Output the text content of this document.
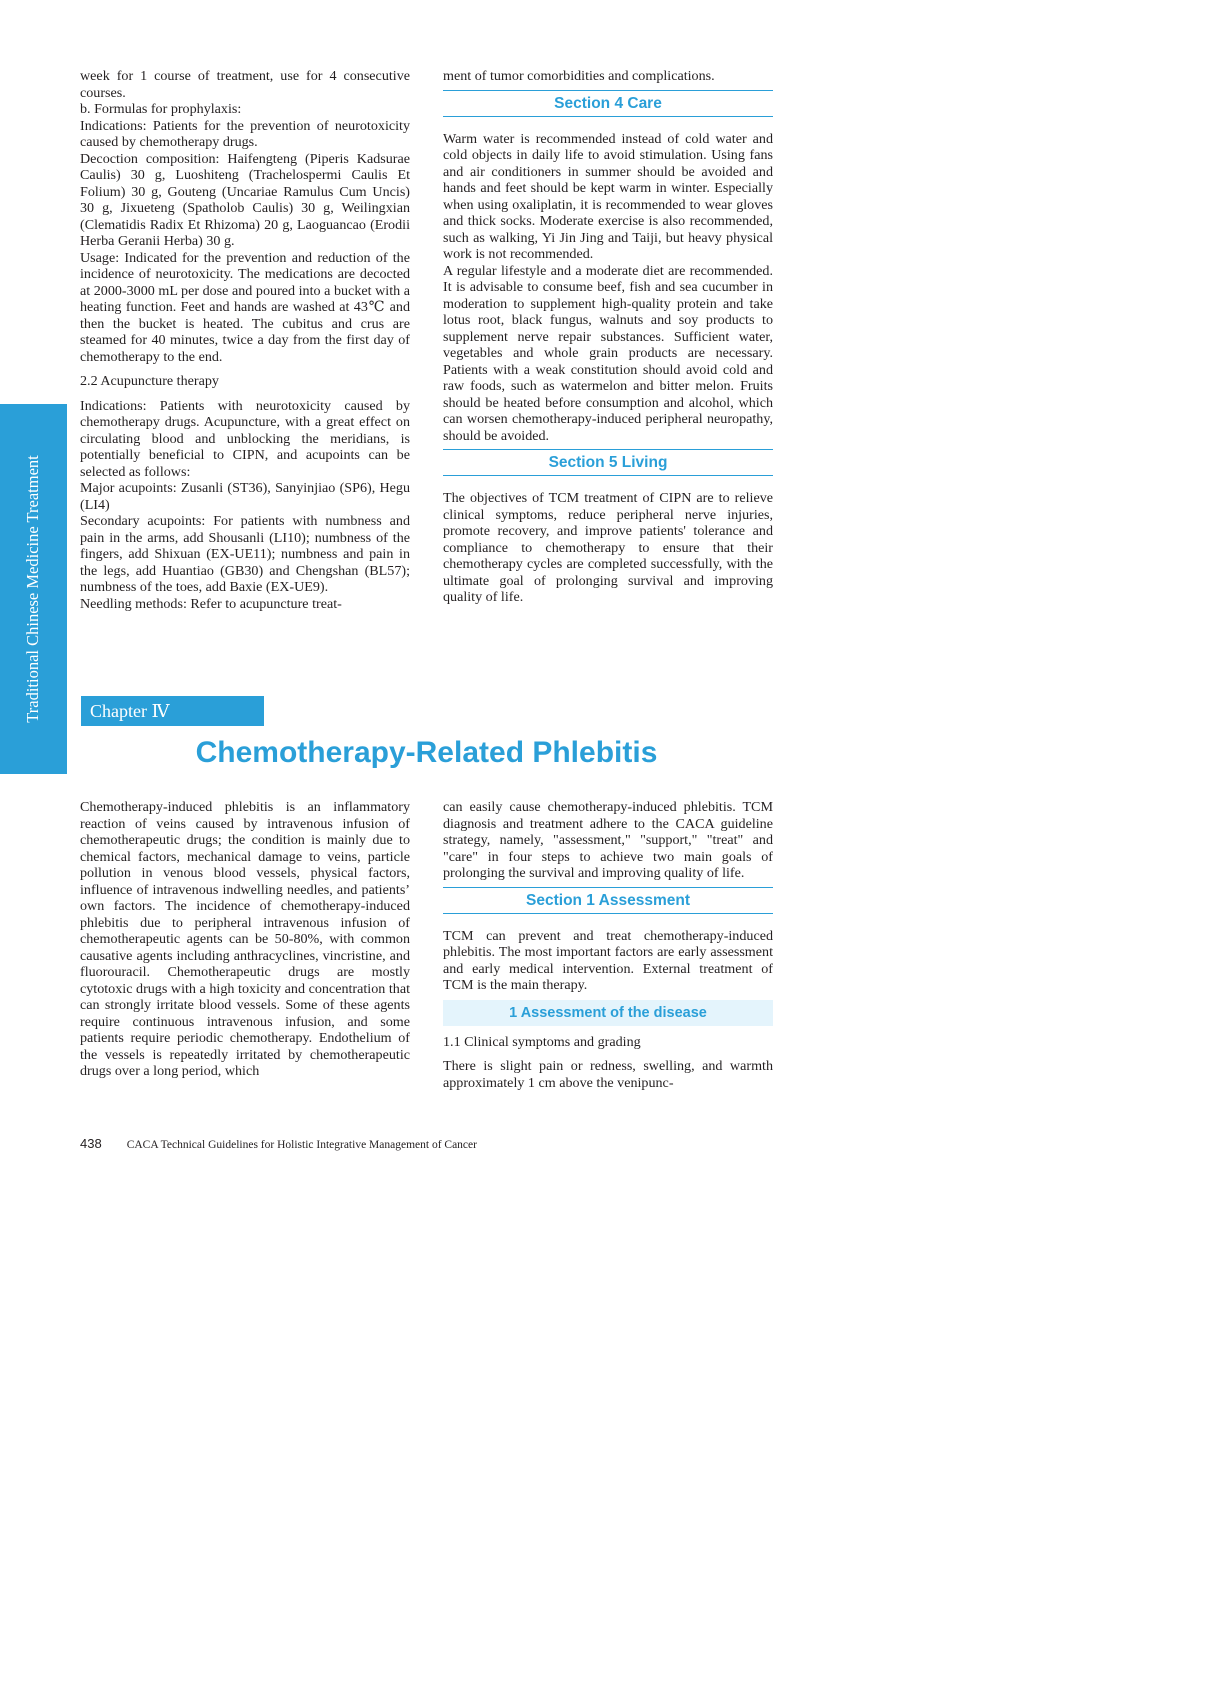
Traditional Chinese Medicine Treatment

week for 1 course of treatment, use for 4 consecutive courses.

b. Formulas for prophylaxis:

Indications: Patients for the prevention of neurotoxicity caused by chemotherapy drugs.

Decoction composition: Haifengteng (Piperis Kadsurae Caulis) 30 g, Luoshiteng (Trachelospermi Caulis Et Folium) 30 g, Gouteng (Uncariae Ramulus Cum Uncis) 30 g, Jixueteng (Spatholob Caulis) 30 g, Weilingxian (Clematidis Radix Et Rhizoma) 20 g, Laoguancao (Erodii Herba Geranii Herba) 30 g.

Usage: Indicated for the prevention and reduction of the incidence of neurotoxicity. The medications are decocted at 2000-3000 mL per dose and poured into a bucket with a heating function. Feet and hands are washed at 43℃ and then the bucket is heated. The cubitus and crus are steamed for 40 minutes, twice a day from the first day of chemotherapy to the end.

2.2 Acupuncture therapy

Indications: Patients with neurotoxicity caused by chemotherapy drugs. Acupuncture, with a great effect on circulating blood and unblocking the meridians, is potentially beneficial to CIPN, and acupoints can be selected as follows:

Major acupoints: Zusanli (ST36), Sanyinjiao (SP6), Hegu (LI4)

Secondary acupoints: For patients with numbness and pain in the arms, add Shousanli (LI10); numbness of the fingers, add Shixuan (EX-UE11); numbness and pain in the legs, add Huantiao (GB30) and Chengshan (BL57); numbness of the toes, add Baxie (EX-UE9).

Needling methods: Refer to acupuncture treat-

ment of tumor comorbidities and complications.

Section 4 Care

Warm water is recommended instead of cold water and cold objects in daily life to avoid stimulation. Using fans and air conditioners in summer should be avoided and hands and feet should be kept warm in winter. Especially when using oxaliplatin, it is recommended to wear gloves and thick socks. Moderate exercise is also recommended, such as walking, Yi Jin Jing and Taiji, but heavy physical work is not recommended.

A regular lifestyle and a moderate diet are recommended. It is advisable to consume beef, fish and sea cucumber in moderation to supplement high-quality protein and take lotus root, black fungus, walnuts and soy products to supplement nerve repair substances. Sufficient water, vegetables and whole grain products are necessary. Patients with a weak constitution should avoid cold and raw foods, such as watermelon and bitter melon. Fruits should be heated before consumption and alcohol, which can worsen chemotherapy-induced peripheral neuropathy, should be avoided.

Section 5 Living

The objectives of TCM treatment of CIPN are to relieve clinical symptoms, reduce peripheral nerve injuries, promote recovery, and improve patients' tolerance and compliance to chemotherapy to ensure that their chemotherapy cycles are completed successfully, with the ultimate goal of prolonging survival and improving quality of life.

Chapter Ⅳ
Chemotherapy-Related Phlebitis

Chemotherapy-induced phlebitis is an inflammatory reaction of veins caused by intravenous infusion of chemotherapeutic drugs; the condition is mainly due to chemical factors, mechanical damage to veins, particle pollution in venous blood vessels, physical factors, influence of intravenous indwelling needles, and patients’ own factors. The incidence of chemotherapy-induced phlebitis due to peripheral intravenous infusion of chemotherapeutic agents can be 50-80%, with common causative agents including anthracyclines, vincristine, and fluorouracil. Chemotherapeutic drugs are mostly cytotoxic drugs with a high toxicity and concentration that can strongly irritate blood vessels. Some of these agents require continuous intravenous infusion, and some patients require periodic chemotherapy. Endothelium of the vessels is repeatedly irritated by chemotherapeutic drugs over a long period, which

can easily cause chemotherapy-induced phlebitis. TCM diagnosis and treatment adhere to the CACA guideline strategy, namely, "assessment," "support," "treat" and "care" in four steps to achieve two main goals of prolonging the survival and improving quality of life.

Section 1 Assessment

TCM can prevent and treat chemotherapy-induced phlebitis. The most important factors are early assessment and early medical intervention. External treatment of TCM is the main therapy.

1 Assessment of the disease

1.1 Clinical symptoms and grading

There is slight pain or redness, swelling, and warmth approximately 1 cm above the venipunc-

438 CACA Technical Guidelines for Holistic Integrative Management of Cancer
